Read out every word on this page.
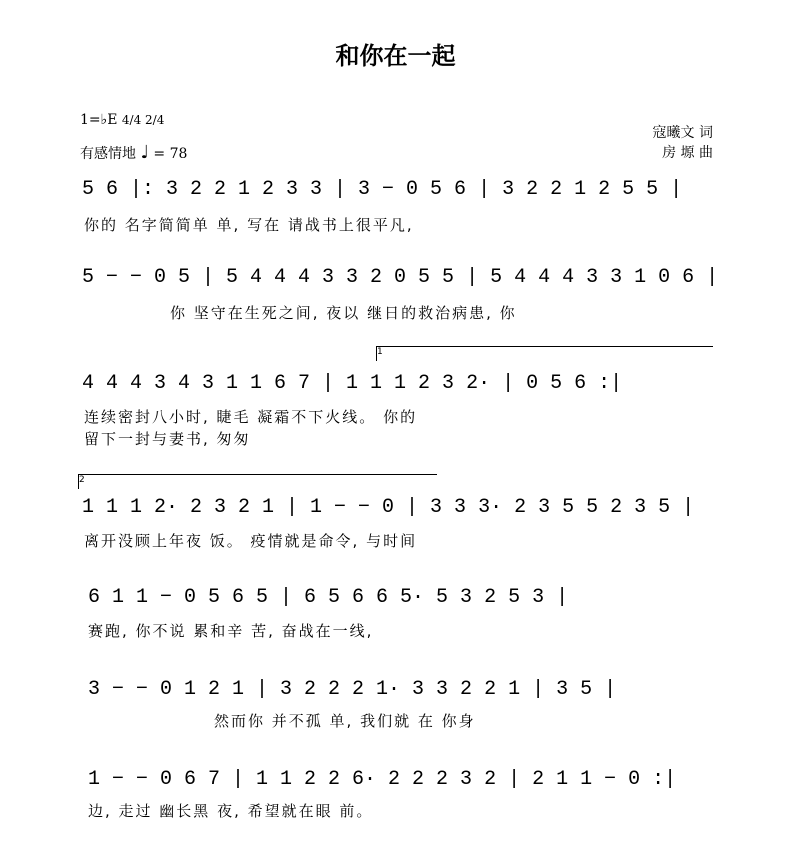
和你在一起
1=♭E 4/4 2/4
有感情地 ♩ = 78
寇曦文 词
房 塬 曲
5 6 |: 3 2 2 1 2 3 3 | 3 − 0 5 6 | 3 2 2 1 2 5 5 |
你的 名字简简单 单, 写在 请战书上很平凡,
5 − − 0 5 | 5 4 4 4 3 3 2 0 5 5 | 5 4 4 4 3 3 1 0 6 |
你 坚守在生死之间, 夜以 继日的救治病患, 你
1
4 4 4 3 4 3 1 1 6 7 | 1 1 1 2 3 2· | 0 5 6 :|
连续密封八小时, 睫毛 凝霜不下火线。 你的
留下一封与妻书, 匆匆
2
1 1 1 2· 2 3 2 1 | 1 − − 0 | 3 3 3· 2 3 5 5 2 3 5 |
离开没顾上年夜 饭。 疫情就是命令, 与时间
6 1 1 − 0 5 6 5 | 6 5 6 6 5· 5 3 2 5 3 |
赛跑, 你不说 累和辛 苦, 奋战在一线,
3 − − 0 1 2 1 | 3 2 2 2 1· 3 3 2 2 1 | 3 5 |
然而你 并不孤 单, 我们就 在 你身
1 − − 0 6 7 | 1 1 2 2 6· 2 2 2 3 2 | 2 1 1 − 0 :|
边, 走过 幽长黑 夜, 希望就在眼 前。
